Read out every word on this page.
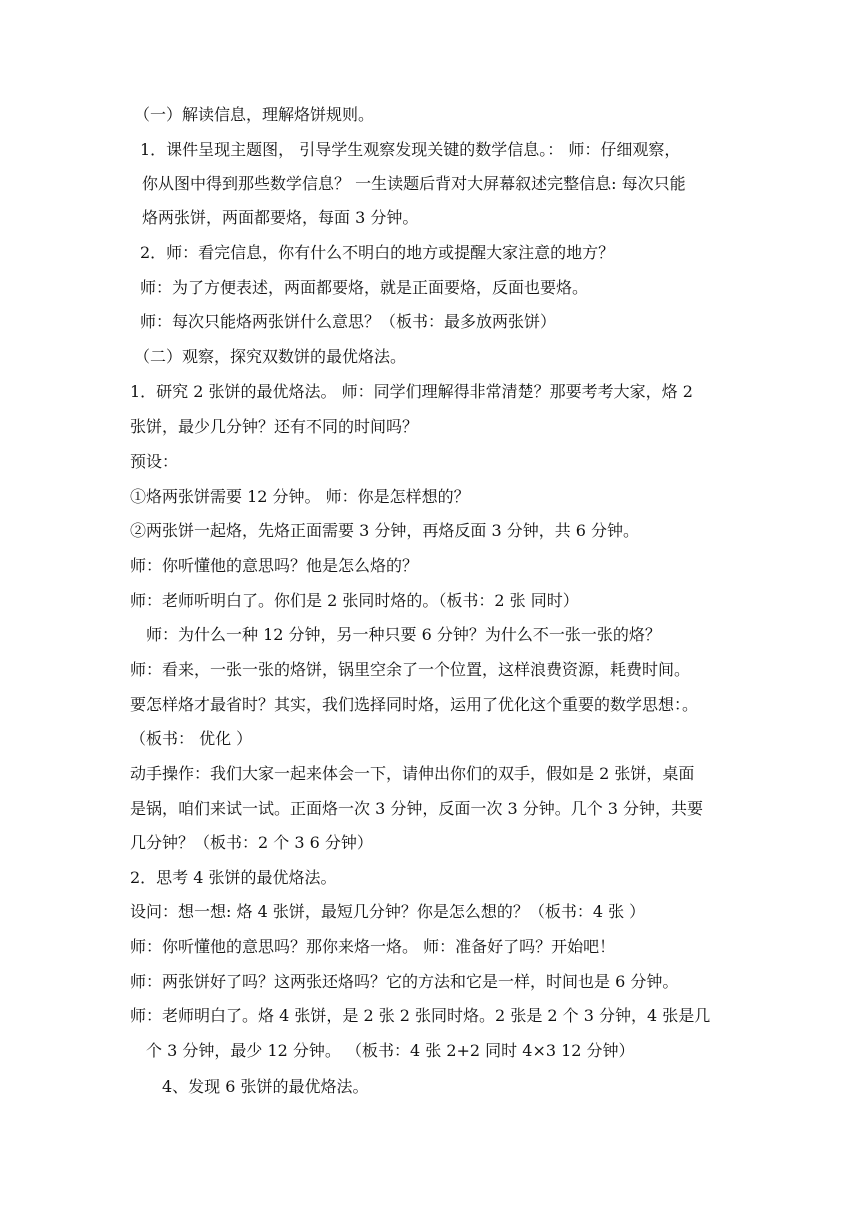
（一）解读信息，理解烙饼规则。
1．课件呈现主题图， 引导学生观察发现关键的数学信息。： 师：仔细观察，
你从图中得到那些数学信息？ 一生读题后背对大屏幕叙述完整信息: 每次只能
烙两张饼，两面都要烙，每面 3 分钟。
2．师：看完信息，你有什么不明白的地方或提醒大家注意的地方？
师：为了方便表述，两面都要烙，就是正面要烙，反面也要烙。
师：每次只能烙两张饼什么意思？（板书：最多放两张饼）
（二）观察，探究双数饼的最优烙法。
1．研究 2 张饼的最优烙法。 师：同学们理解得非常清楚？那要考考大家，烙 2
张饼，最少几分钟？还有不同的时间吗？
预设：
①烙两张饼需要 12 分钟。 师：你是怎样想的？
②两张饼一起烙，先烙正面需要 3 分钟，再烙反面 3 分钟，共 6 分钟。
师：你听懂他的意思吗？他是怎么烙的？
师：老师听明白了。你们是 2 张同时烙的。（板书：2 张 同时）
师：为什么一种 12 分钟，另一种只要 6 分钟？为什么不一张一张的烙？
师：看来，一张一张的烙饼，锅里空余了一个位置，这样浪费资源，耗费时间。
要怎样烙才最省时？其实，我们选择同时烙，运用了优化这个重要的数学思想：。
（板书： 优化 ）
动手操作：我们大家一起来体会一下，请伸出你们的双手，假如是 2 张饼，桌面
是锅，咱们来试一试。正面烙一次 3 分钟，反面一次 3 分钟。几个 3 分钟，共要
几分钟？（板书：2 个 3 6 分钟）
2．思考 4 张饼的最优烙法。
设问：想一想: 烙 4 张饼，最短几分钟？你是怎么想的？（板书：4 张 ）
师：你听懂他的意思吗？那你来烙一烙。 师：准备好了吗？开始吧！
师：两张饼好了吗？这两张还烙吗？它的方法和它是一样，时间也是 6 分钟。
师：老师明白了。烙 4 张饼，是 2 张 2 张同时烙。2 张是 2 个 3 分钟，4 张是几
个 3 分钟，最少 12 分钟。 （板书：4 张 2+2 同时 4×3 12 分钟）
4、发现 6 张饼的最优烙法。
